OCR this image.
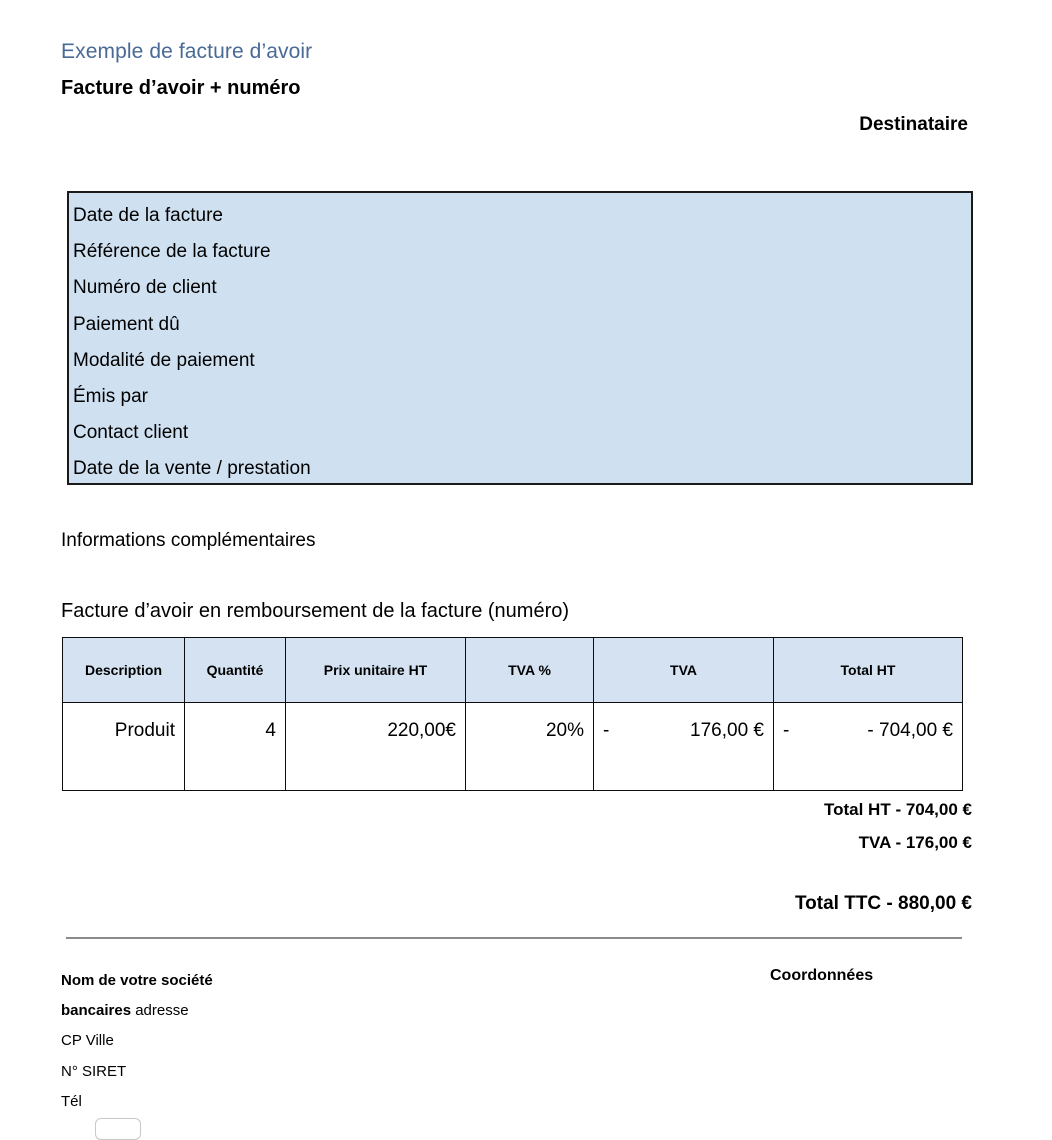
Exemple de facture d’avoir
Facture d’avoir + numéro
Destinataire
Date de la facture
Référence de la facture
Numéro de client
Paiement dû
Modalité de paiement
Émis par
Contact client
Date de la vente / prestation
Informations complémentaires
Facture d’avoir en remboursement de la facture (numéro)
Description	Quantité	Prix unitaire HT	TVA %	TVA	Total HT
Produit	4	220,00€	20%	- 176,00 €	- - 704,00 €
Total HT - 704,00 €
TVA - 176,00 €
Total TTC - 880,00 €
Nom de votre société
bancaires adresse
CP Ville
N° SIRET
Tél
Coordonnées
